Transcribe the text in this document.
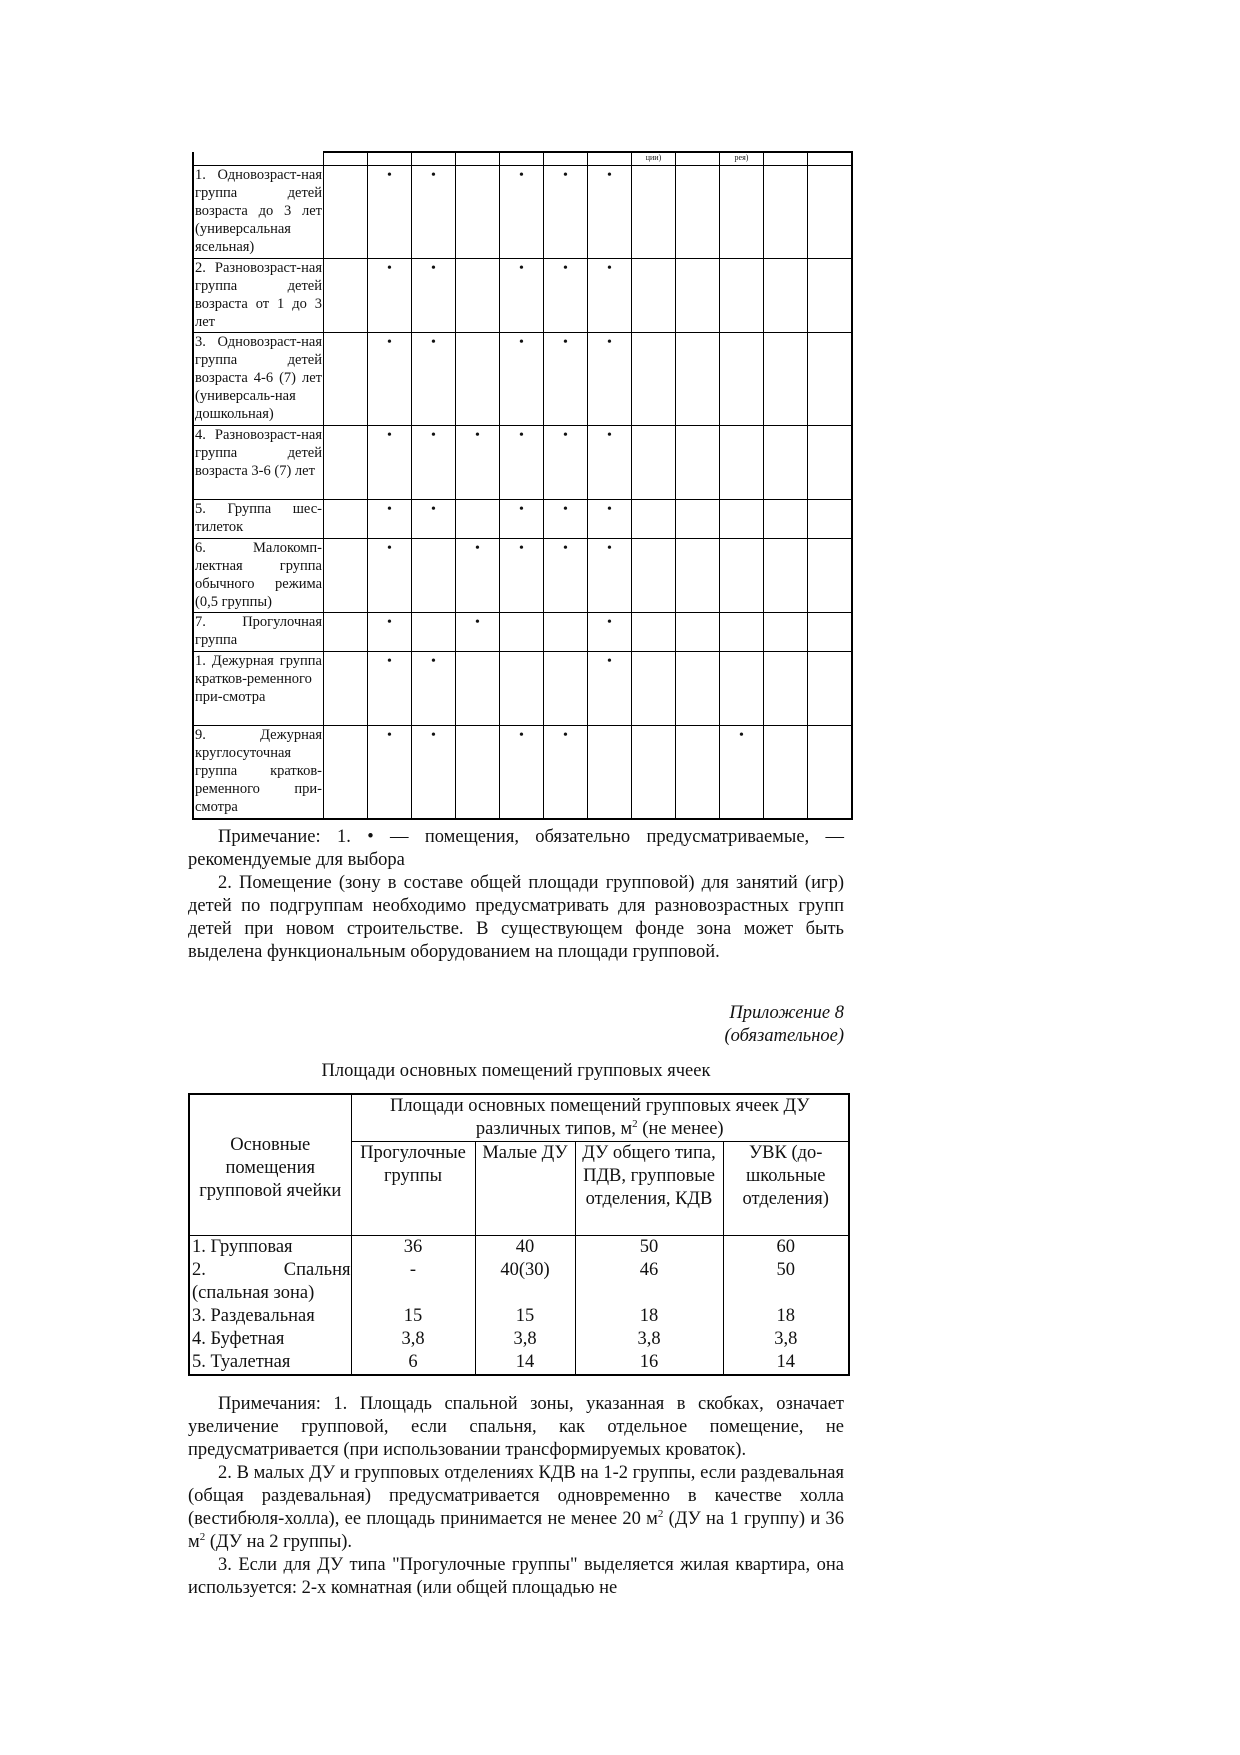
								ции)		рея)		
1. Одновозраст-ная группа детей возраста до 3 лет (универсальная ясельная)		•	•		•	•	•					
2. Разновозраст-ная группа детей возраста от 1 до 3 лет		•	•		•	•	•					
3. Одновозраст-ная группа детей возраста 4-6 (7) лет (универсаль-ная дошкольная)		•	•		•	•	•					
4. Разновозраст-ная группа детей возраста 3-6 (7) лет		•	•	•	•	•	•					
5. Группа шес-тилеток		•	•		•	•	•					
6. Малокомп-лектная группа обычного режима (0,5 группы)		•		•	•	•	•					
7. Прогулочная группа		•		•			•					
1. Дежурная группа кратков-ременного при-смотра		•	•				•					
9. Дежурная круглосуточная группа кратков-ременного при-смотра		•	•		•	•				•		
Примечание: 1. • — помещения, обязательно предусматриваемые, — рекомендуемые для выбора
2. Помещение (зону в составе общей площади групповой) для занятий (игр) детей по подгруппам необходимо предусматривать для разновозрастных групп детей при новом строительстве. В существующем фонде зона может быть выделена функциональным оборудованием на площади групповой.
Приложение 8
(обязательное)
Площади основных помещений групповых ячеек
Основные помещения групповой ячейки	Площади основных помещений групповых ячеек ДУ различных типов, $м^2$ (не менее)			
	Прогулочные группы	Малые ДУ	ДУ общего типа, ПДВ, групповые отделения, КДВ	УВК (до-школьные отделения)
1. Групповая	36	40	50	60
2. Спальня (спальная зона)	-	40(30)	46	50
3. Раздевальная	15	15	18	18
4. Буфетная	3,8	3,8	3,8	3,8
5. Туалетная	6	14	16	14
Примечания: 1. Площадь спальной зоны, указанная в скобках, означает увеличение групповой, если спальня, как отдельное помещение, не предусматривается (при использовании трансформируемых кроваток).
2. В малых ДУ и групповых отделениях КДВ на 1-2 группы, если раздевальная (общая раздевальная) предусматривается одновременно в качестве холла (вестибюля-холла), ее площадь принимается не менее 20 $м^2$ (ДУ на 1 группу) и 36 $м^2$ (ДУ на 2 группы).
3. Если для ДУ типа "Прогулочные группы" выделяется жилая квартира, она используется: 2-х комнатная (или общей площадью не
